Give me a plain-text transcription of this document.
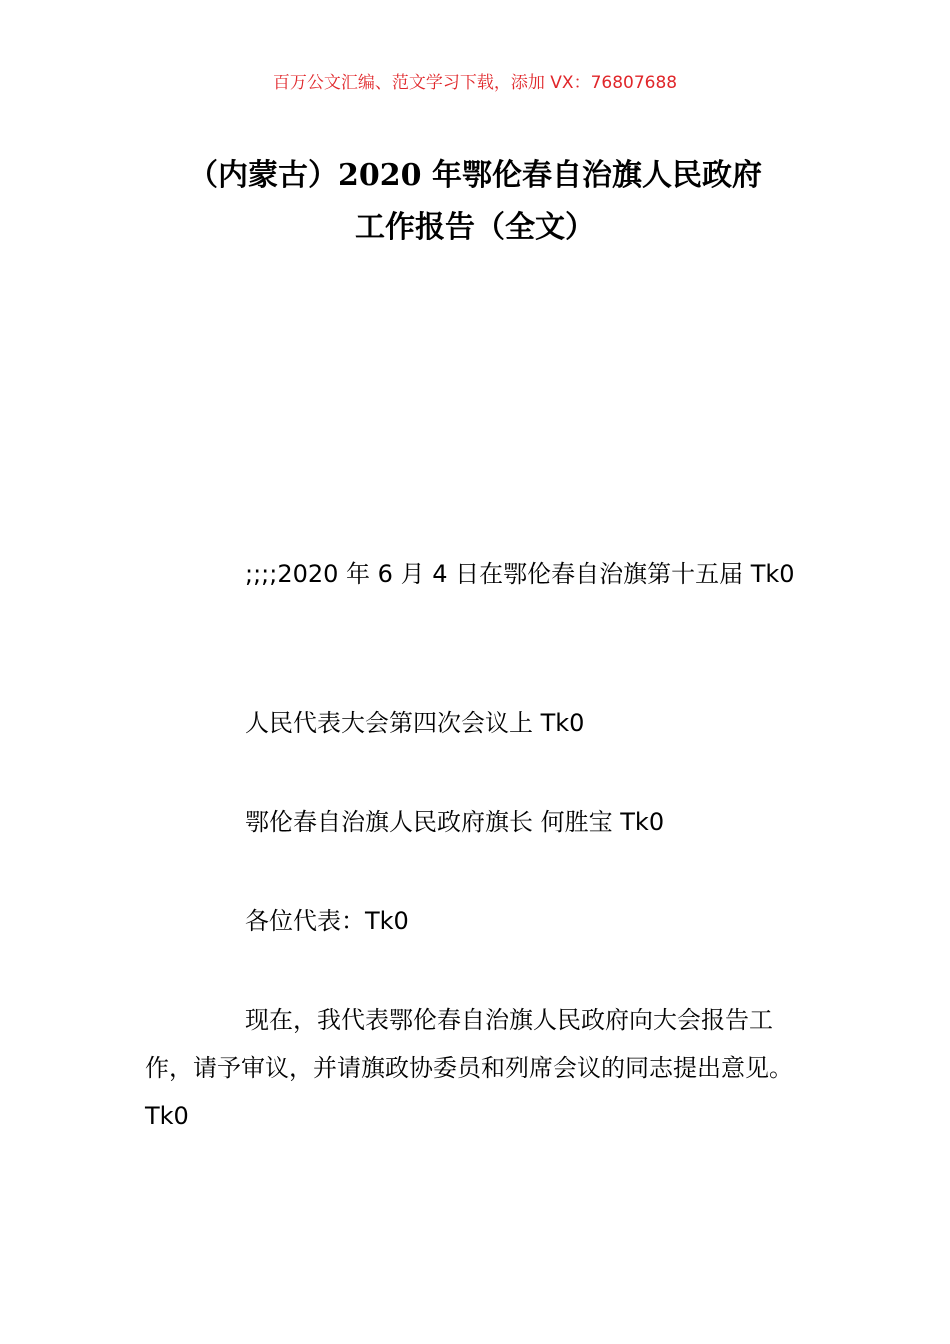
百万公文汇编、范文学习下载，添加 VX：76807688
（内蒙古）2020 年鄂伦春自治旗人民政府
工作报告（全文）

;;;;2020 年 6 月 4 日在鄂伦春自治旗第十五届 Tk0

人民代表大会第四次会议上 Tk0

鄂伦春自治旗人民政府旗长 何胜宝 Tk0

各位代表：Tk0

现在，我代表鄂伦春自治旗人民政府向大会报告工作，请予审议，并请旗政协委员和列席会议的同志提出意见。Tk0
